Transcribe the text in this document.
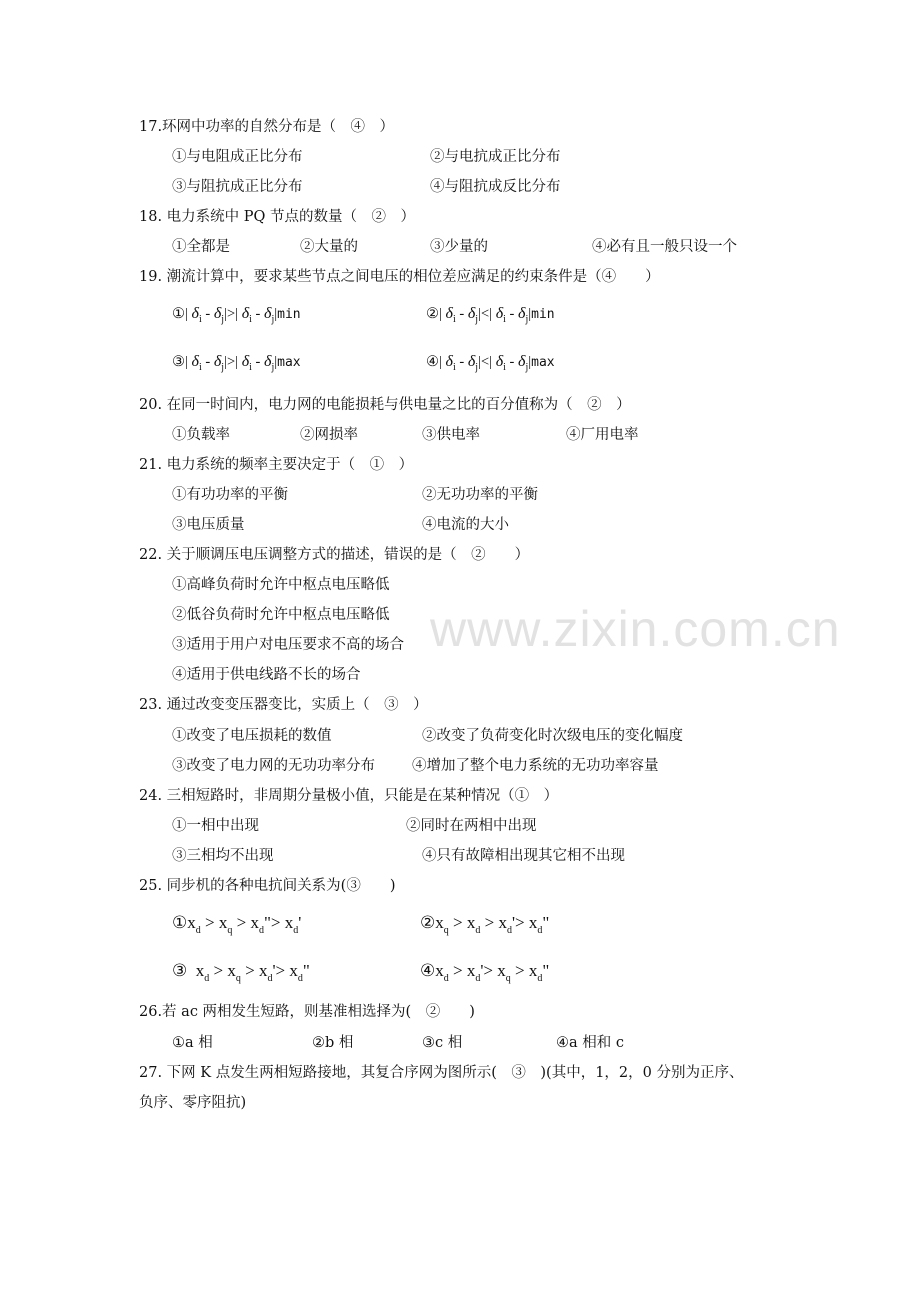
www.zixin.com.cn
17.环网中功率的自然分布是（　④　）
①与电阻成正比分布	②与电抗成正比分布
③与阻抗成正比分布	④与阻抗成反比分布
18. 电力系统中 PQ 节点的数量（　②　）
①全都是	②大量的	③少量的	④必有且一般只设一个
19. 潮流计算中，要求某些节点之间电压的相位差应满足的约束条件是（④　　）
①| $\delta_i - \delta_j|>|$ $\delta_i - \delta_j|\min$	②| $\delta_i - \delta_j|<|$ $\delta_i - \delta_j|\min$
③| $\delta_i - \delta_j|>|$ $\delta_i - \delta_j|\max$	④| $\delta_i - \delta_j|<|$ $\delta_i - \delta_j|\max$
20. 在同一时间内，电力网的电能损耗与供电量之比的百分值称为（　②　）
①负载率	②网损率	③供电率	④厂用电率
21. 电力系统的频率主要决定于（　①　）
①有功功率的平衡	②无功功率的平衡
③电压质量	④电流的大小
22. 关于顺调压电压调整方式的描述，错误的是（　②　　）
①高峰负荷时允许中枢点电压略低
②低谷负荷时允许中枢点电压略低
③适用于用户对电压要求不高的场合
④适用于供电线路不长的场合
23. 通过改变变压器变比，实质上（　③　）
①改变了电压损耗的数值	②改变了负荷变化时次级电压的变化幅度
③改变了电力网的无功功率分布	④增加了整个电力系统的无功功率容量
24. 三相短路时，非周期分量极小值，只能是在某种情况（①　）
①一相中出现	②同时在两相中出现
③三相均不出现	④只有故障相出现其它相不出现
25. 同步机的各种电抗间关系为(③　　)
$①x_d > x_q$ > $x_d"> x_d'$	$②x_q > x_d > x_d'> x_d$"
③ $x_d > x_q > x_d'> x_d$"	$④x_d > x_d'> x_q > x_d$"
26.若 ac 两相发生短路，则基准相选择为(　②　　)
①a 相	②b 相	③c 相	④a 相和 c
27. 下网 K 点发生两相短路接地，其复合序网为图所示(　③　)(其中，1，2，0 分别为正序、
负序、零序阻抗)
